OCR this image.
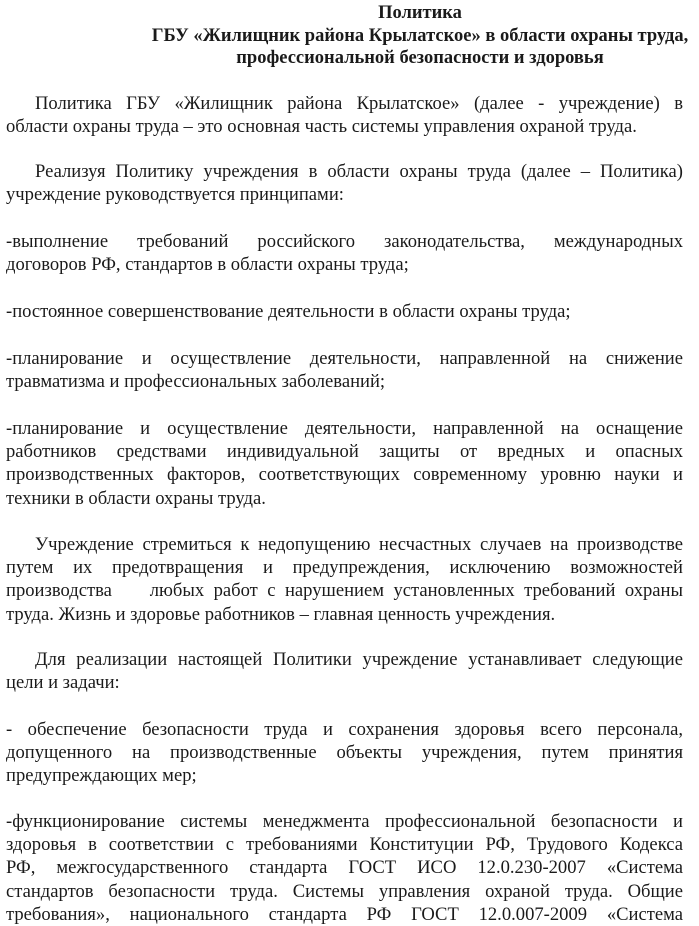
Политика
ГБУ «Жилищник района Крылатское» в области охраны труда,
профессиональной безопасности и здоровья
Политика ГБУ «Жилищник района Крылатское» (далее - учреждение) в
области охраны труда – это основная часть системы управления охраной труда.
Реализуя Политику учреждения в области охраны труда (далее – Политика)
учреждение руководствуется принципами:
-выполнение требований российского законодательства, международных
договоров РФ, стандартов в области охраны труда;
-постоянное совершенствование деятельности в области охраны труда;
-планирование и осуществление деятельности, направленной на снижение
травматизма и профессиональных заболеваний;
-планирование и осуществление деятельности, направленной на оснащение
работников средствами индивидуальной защиты от вредных и опасных
производственных факторов, соответствующих современному уровню науки и
техники в области охраны труда.
Учреждение стремиться к недопущению несчастных случаев на производстве
путем их предотвращения и предупреждения, исключению возможностей
производства    любых работ с нарушением установленных требований охраны
труда. Жизнь и здоровье работников – главная ценность учреждения.
Для реализации настоящей Политики учреждение устанавливает следующие
цели и задачи:
- обеспечение безопасности труда и сохранения здоровья всего персонала,
допущенного на производственные объекты учреждения, путем принятия
предупреждающих мер;
-функционирование системы менеджмента профессиональной безопасности и
здоровья в соответствии с требованиями Конституции РФ, Трудового Кодекса
РФ, межгосударственного стандарта ГОСТ ИСО 12.0.230-2007 «Система
стандартов безопасности труда. Системы управления охраной труда. Общие
требования», национального стандарта РФ ГОСТ 12.0.007-2009 «Система
